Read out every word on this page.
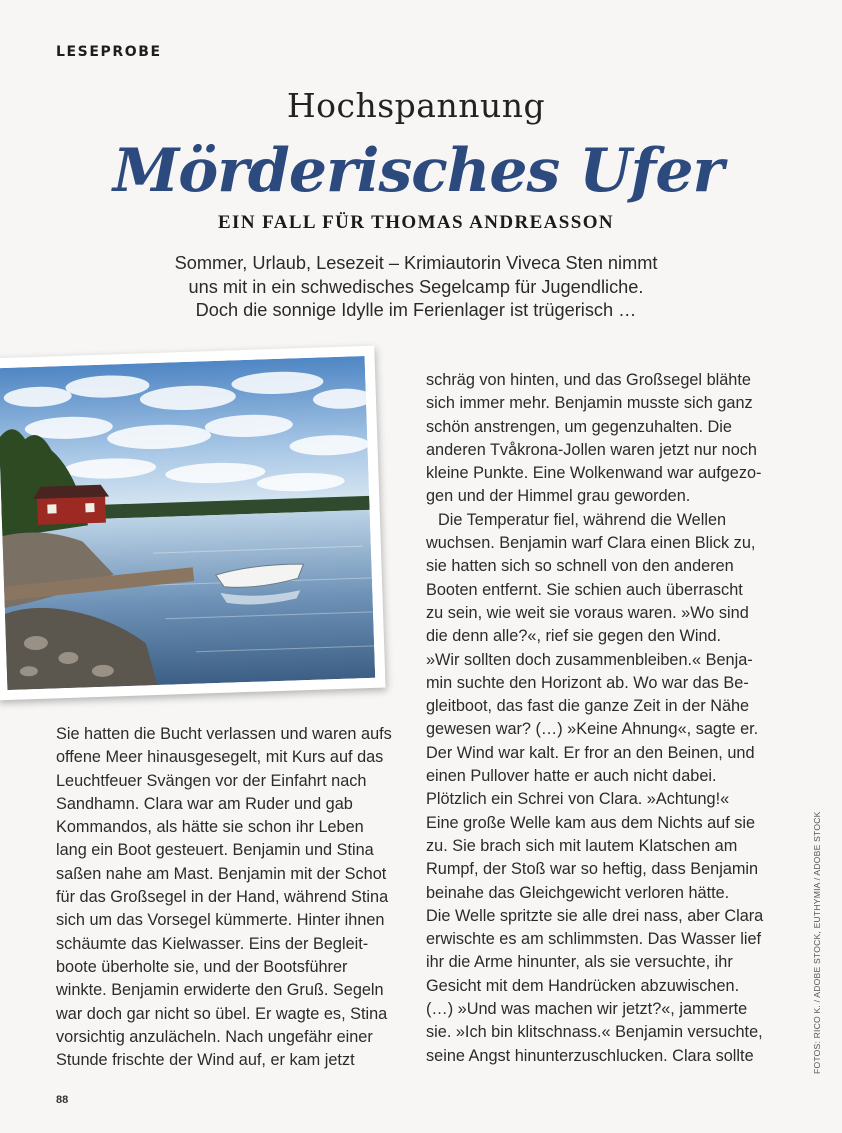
LESEPROBE
Hochspannung
Mörderisches Ufer
EIN FALL FÜR THOMAS ANDREASSON
Sommer, Urlaub, Lesezeit – Krimiautorin Viveca Sten nimmt
uns mit in ein schwedisches Segelcamp für Jugendliche.
Doch die sonnige Idylle im Ferienlager ist trügerisch …

Sie hatten die Bucht verlassen und waren aufs

offene Meer hinausgesegelt, mit Kurs auf das

Leuchtfeuer Svängen vor der Einfahrt nach

Sandhamn. Clara war am Ruder und gab

Kommandos, als hätte sie schon ihr Leben

lang ein Boot gesteuert. Benjamin und Stina

saßen nahe am Mast. Benjamin mit der Schot

für das Großsegel in der Hand, während Stina

sich um das Vorsegel kümmerte. Hinter ihnen

schäumte das Kielwasser. Eins der Begleit-

boote überholte sie, und der Bootsführer

winkte. Benjamin erwiderte den Gruß. Segeln

war doch gar nicht so übel. Er wagte es, Stina

vorsichtig anzulächeln. Nach ungefähr einer

Stunde frischte der Wind auf, er kam jetzt

schräg von hinten, und das Großsegel blähte

sich immer mehr. Benjamin musste sich ganz

schön anstrengen, um gegenzuhalten. Die

anderen Tvåkrona-Jollen waren jetzt nur noch

kleine Punkte. Eine Wolkenwand war aufgezo-

gen und der Himmel grau geworden.

Die Temperatur fiel, während die Wellen

wuchsen. Benjamin warf Clara einen Blick zu,

sie hatten sich so schnell von den anderen

Booten entfernt. Sie schien auch überrascht

zu sein, wie weit sie voraus waren. »Wo sind

die denn alle?«, rief sie gegen den Wind.

»Wir sollten doch zusammenbleiben.« Benja-

min suchte den Horizont ab. Wo war das Be-

gleitboot, das fast die ganze Zeit in der Nähe

gewesen war? (…) »Keine Ahnung«, sagte er.

Der Wind war kalt. Er fror an den Beinen, und

einen Pullover hatte er auch nicht dabei.

Plötzlich ein Schrei von Clara. »Achtung!«

Eine große Welle kam aus dem Nichts auf sie

zu. Sie brach sich mit lautem Klatschen am

Rumpf, der Stoß war so heftig, dass Benjamin

beinahe das Gleichgewicht verloren hätte.

Die Welle spritzte sie alle drei nass, aber Clara

erwischte es am schlimmsten. Das Wasser lief

ihr die Arme hinunter, als sie versuchte, ihr

Gesicht mit dem Handrücken abzuwischen.

(…) »Und was machen wir jetzt?«, jammerte

sie. »Ich bin klitschnass.« Benjamin versuchte,

seine Angst hinunterzuschlucken. Clara sollte	FOTOS: RICO K. / ADOBE STOCK, EUTHYMIA / ADOBE STOCK
88
